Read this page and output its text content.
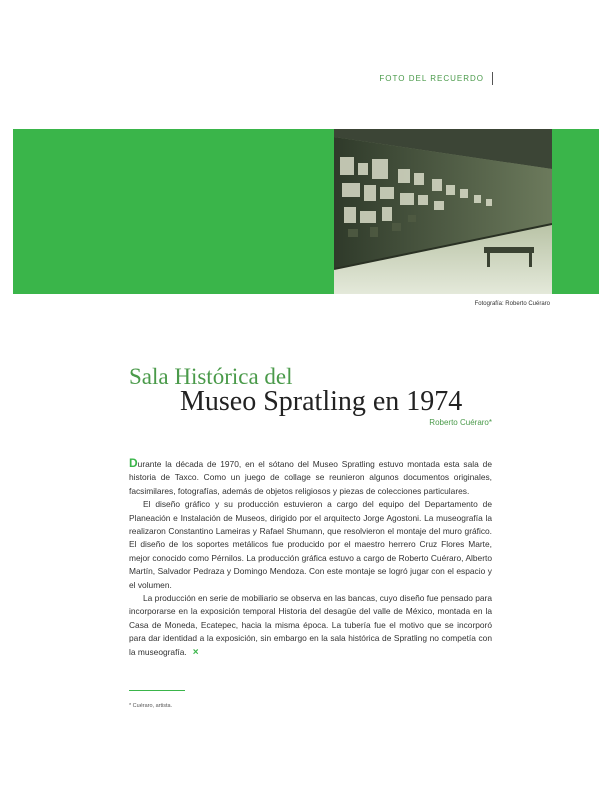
FOTO DEL RECUERDO
Fotografía: Roberto Cuéraro
Sala Histórica del
Museo Spratling en 1974
Roberto Cuéraro*

Durante la década de 1970, en el sótano del Museo Spratling estuvo montada esta sala de historia de Taxco. Como un juego de collage se reunieron algunos documentos originales, facsimilares, fotografías, además de objetos religiosos y piezas de colecciones particulares.

El diseño gráfico y su producción estuvieron a cargo del equipo del Departamento de Planeación e Instalación de Museos, dirigido por el arquitecto Jorge Agostoni. La museografía la realizaron Constantino Lameiras y Rafael Shumann, que resolvieron el montaje del muro gráfico. El diseño de los soportes metálicos fue producido por el maestro herrero Cruz Flores Marte, mejor conocido como Pérnilos. La producción gráfica estuvo a cargo de Roberto Cuéraro, Alberto Martín, Salvador Pedraza y Domingo Mendoza. Con este montaje se logró jugar con el espacio y el volumen.

La producción en serie de mobiliario se observa en las bancas, cuyo diseño fue pensado para incorporarse en la exposición temporal Historia del desagüe del valle de México, montada en la Casa de Moneda, Ecatepec, hacia la misma época. La tubería fue el motivo que se incorporó para dar identidad a la exposición, sin embargo en la sala histórica de Spratling no competía con la museografía. ×

* Cuéraro, artista.
